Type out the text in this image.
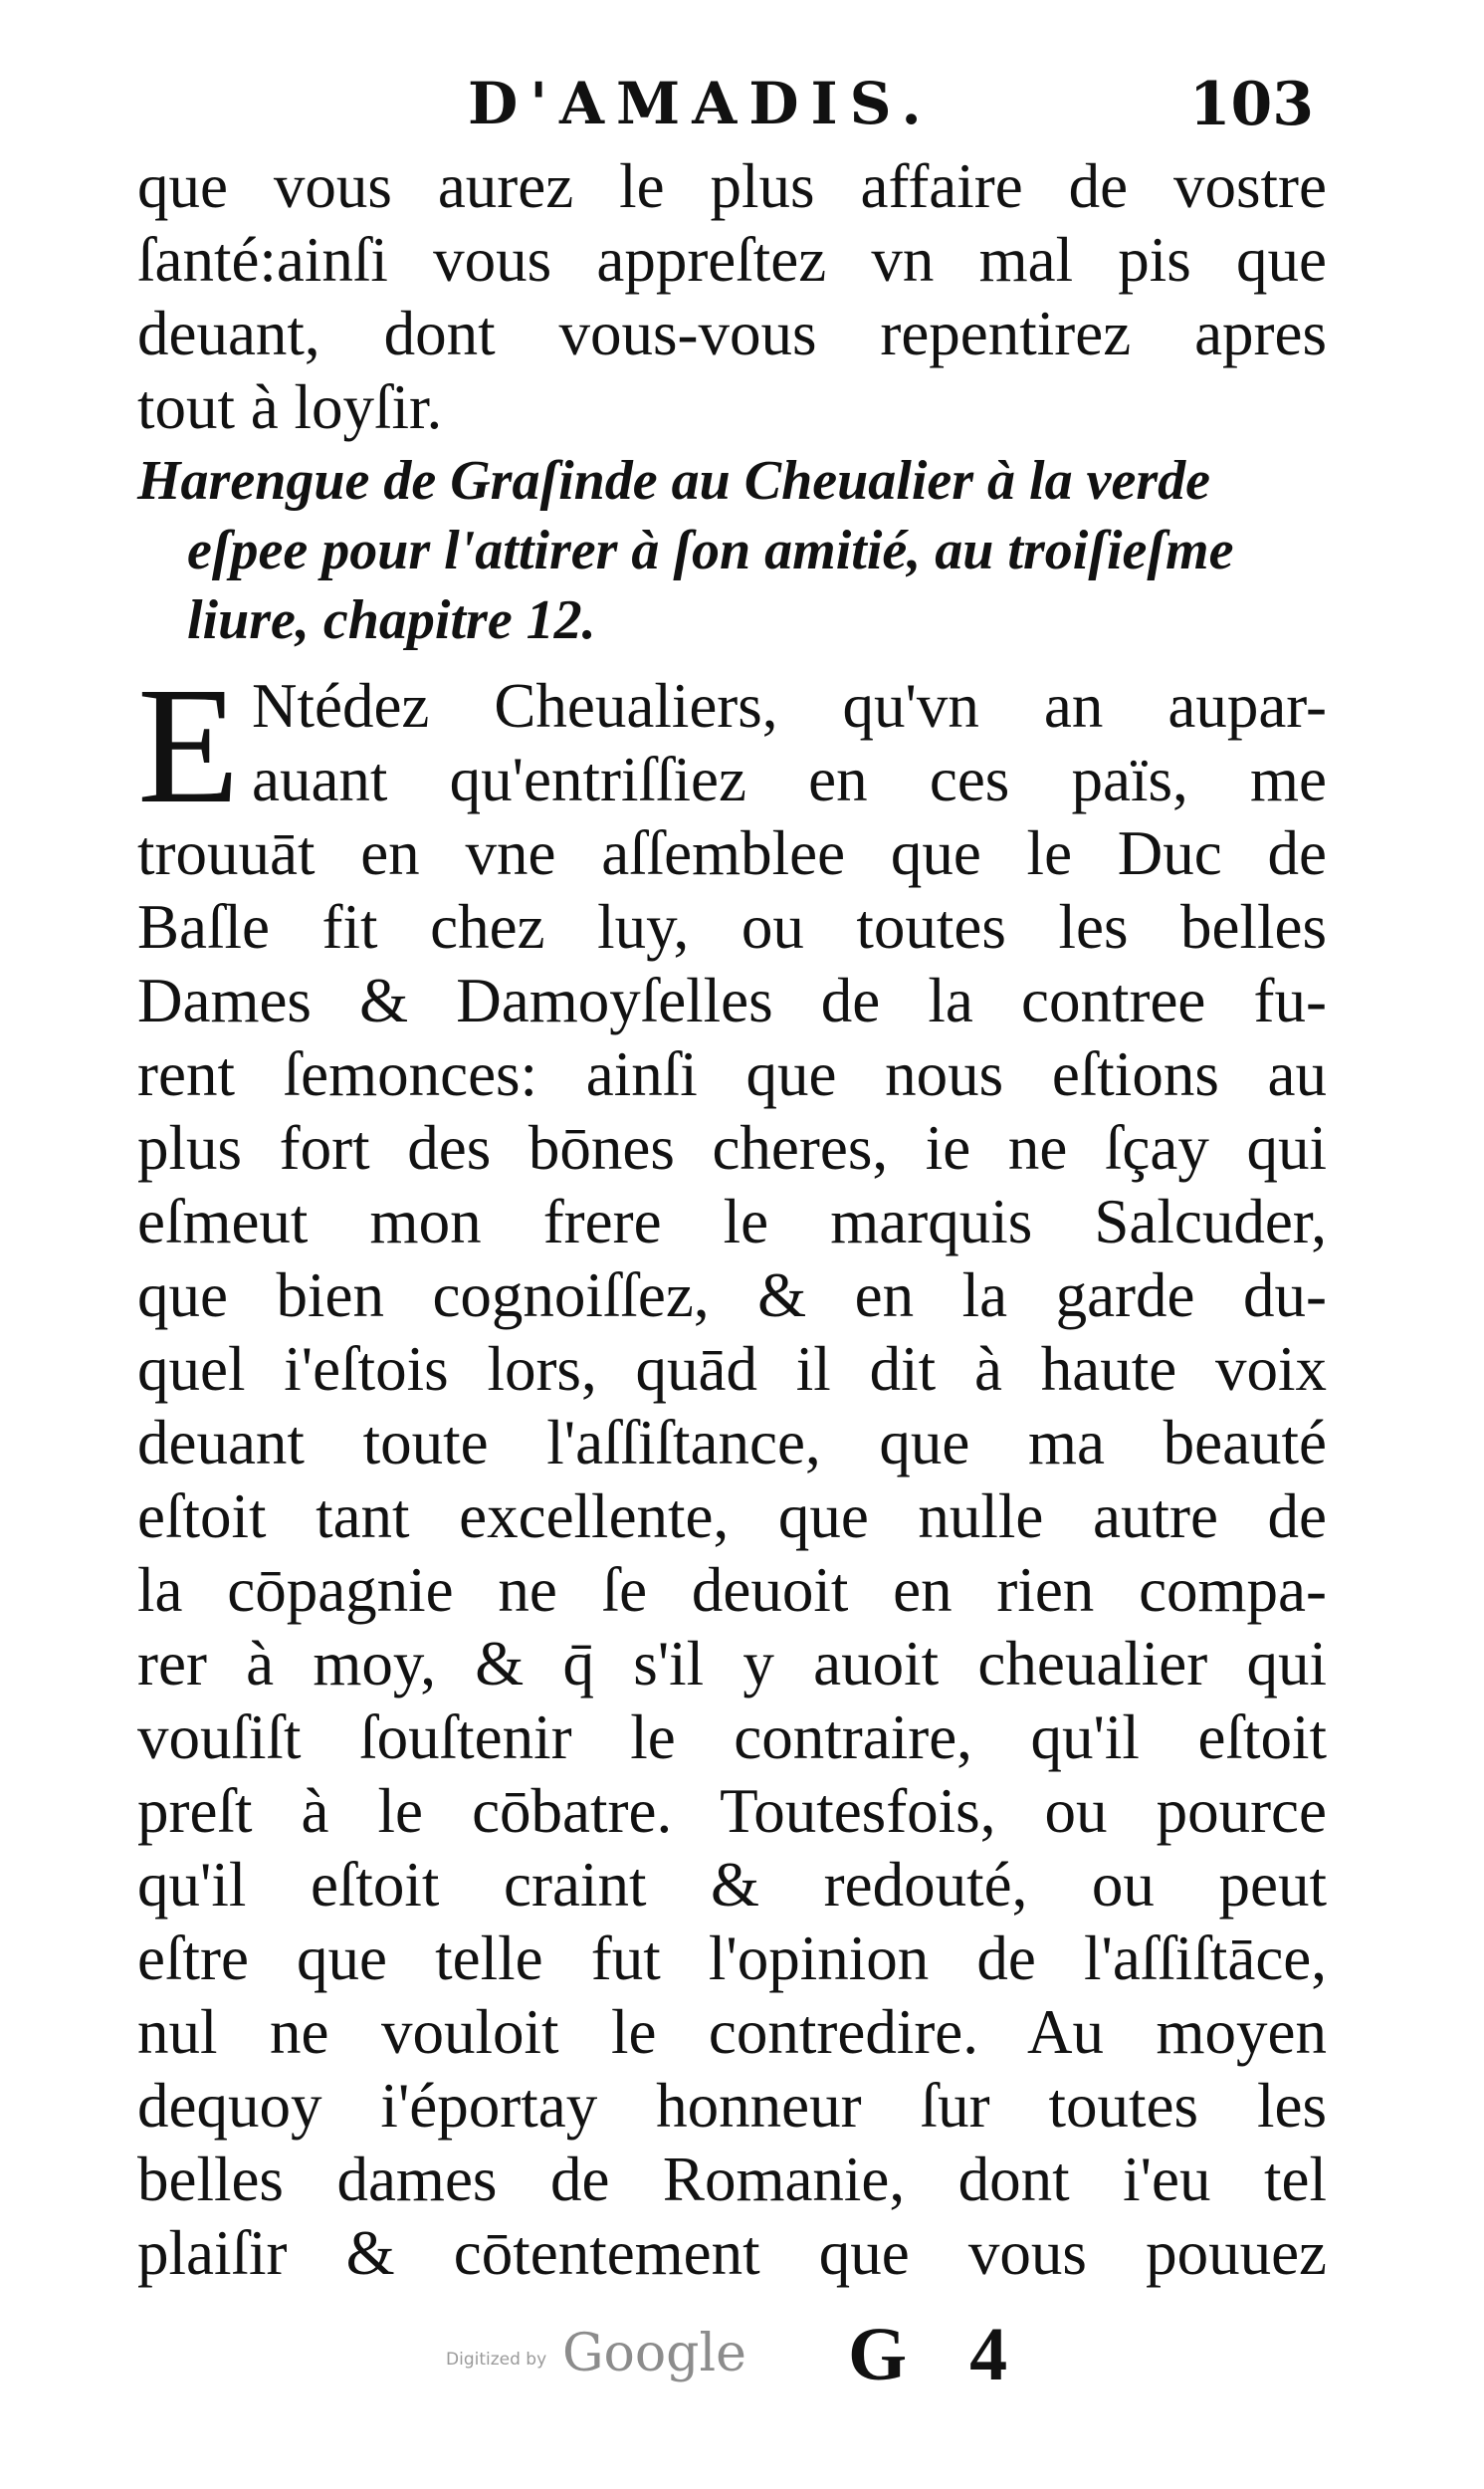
D'AMADIS.	103
que vous aurez le plus affaire de vostre
ſanté:ainſi vous appreſtez vn mal pis que
deuant, dont vous-vous repentirez apres
tout à loyſir.
Harengue de Graſinde au Cheualier à la verde
eſpee pour l'attirer à ſon amitié, au troiſieſme
liure, chapitre 12.
E Ntédez Cheualiers, qu'vn an aupar-
auant qu'entriſſiez en ces païs, me
trouuāt en vne aſſemblee que le Duc de
Baſle fit chez luy, ou toutes les belles
Dames & Damoyſelles de la contree fu-
rent ſemonces: ainſi que nous eſtions au
plus fort des bōnes cheres, ie ne ſçay qui
eſmeut mon frere le marquis Salcuder,
que bien cognoiſſez, & en la garde du-
quel i'eſtois lors, quād il dit à haute voix
deuant toute l'aſſiſtance, que ma beauté
eſtoit tant excellente, que nulle autre de
la cōpagnie ne ſe deuoit en rien compa-
rer à moy, & q̄ s'il y auoit cheualier qui
vouſiſt ſouſtenir le contraire, qu'il eſtoit
preſt à le cōbatre. Toutesfois, ou pource
qu'il eſtoit craint & redouté, ou peut
eſtre que telle fut l'opinion de l'aſſiſtāce,
nul ne vouloit le contredire. Au moyen
dequoy i'éportay honneur ſur toutes les
belles dames de Romanie, dont i'eu tel
plaiſir & cōtentement que vous pouuez
Digitized by Google G 4
